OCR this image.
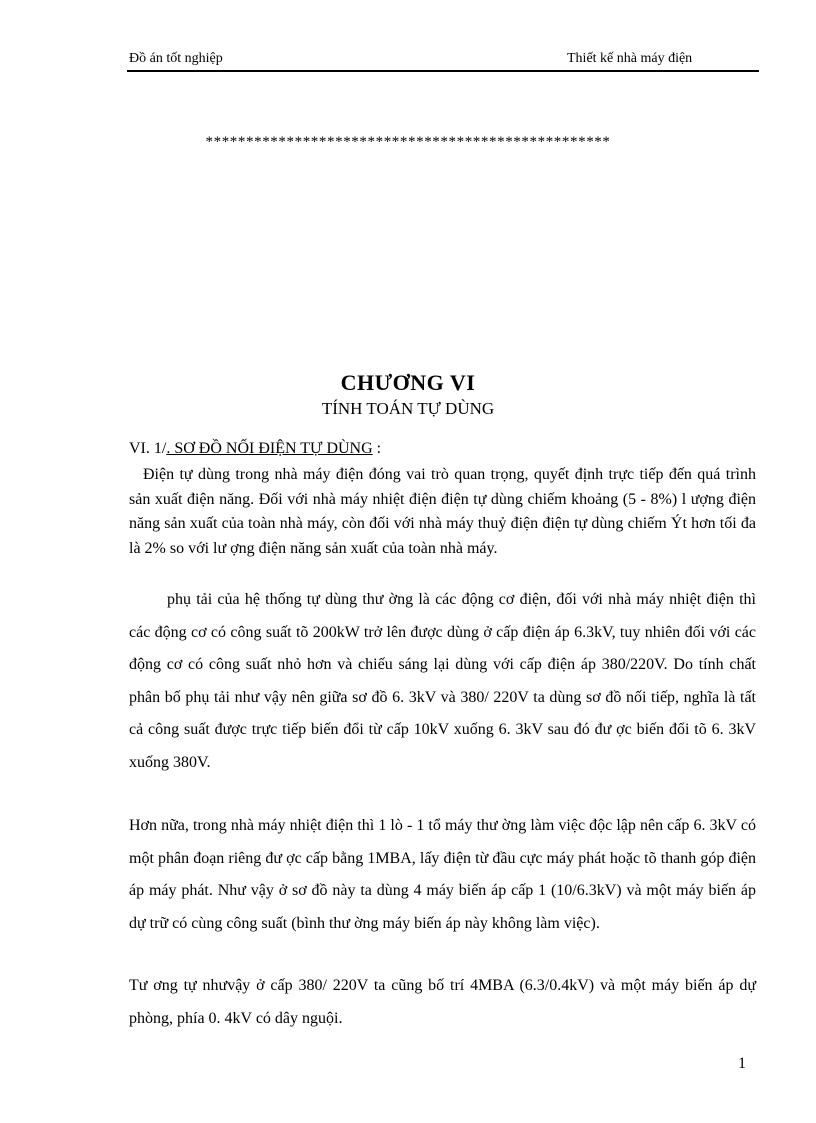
Đồ án tốt nghiệp	Thiết kế nhà máy điện
**************************************************
CHƯƠNG VI
TÍNH TOÁN TỰ DÙNG
VI. 1/. SƠ ĐỒ NỐI ĐIỆN TỰ DÙNG :
Điện tự dùng trong nhà máy điện đóng vai trò quan trọng, quyết định trực tiếp đến quá trình sản xuất điện năng. Đối với nhà máy nhiệt điện điện tự dùng chiếm khoảng (5 - 8%) l ượng điện năng sản xuất của toàn nhà máy, còn đối với nhà máy thuỷ điện điện tự dùng chiếm Ýt hơn tối đa là 2% so với lư ợng điện năng sản xuất của toàn nhà máy.
phụ tải của hệ thống tự dùng thư ờng là các động cơ điện, đối với nhà máy nhiệt điện thì các động cơ có công suất tõ 200kW trở lên được dùng ở cấp điện áp 6.3kV, tuy nhiên đối với các động cơ có công suất nhỏ hơn và chiếu sáng lại dùng với cấp điện áp 380/220V. Do tính chất phân bố phụ tải như vậy nên giữa sơ đồ 6. 3kV và 380/ 220V ta dùng sơ đồ nối tiếp, nghĩa là tất cả công suất được trực tiếp biến đổi từ cấp 10kV xuống 6. 3kV sau đó đư ợc biến đổi tõ 6. 3kV xuống 380V.
Hơn nữa, trong nhà máy nhiệt điện thì 1 lò - 1 tổ máy thư ờng làm việc độc lập nên cấp 6. 3kV có một phân đoạn riêng đư ợc cấp bằng 1MBA, lấy điện từ đầu cực máy phát hoặc tõ thanh góp điện áp máy phát. Như vậy ở sơ đồ này ta dùng 4 máy biến áp cấp 1 (10/6.3kV) và một máy biến áp dự trữ có cùng công suất (bình thư ờng máy biến áp này không làm việc).
Tư ơng tự nhưvậy ở cấp 380/ 220V ta cũng bố trí 4MBA (6.3/0.4kV) và một máy biến áp dự phòng, phía 0. 4kV có dây nguội.
1
